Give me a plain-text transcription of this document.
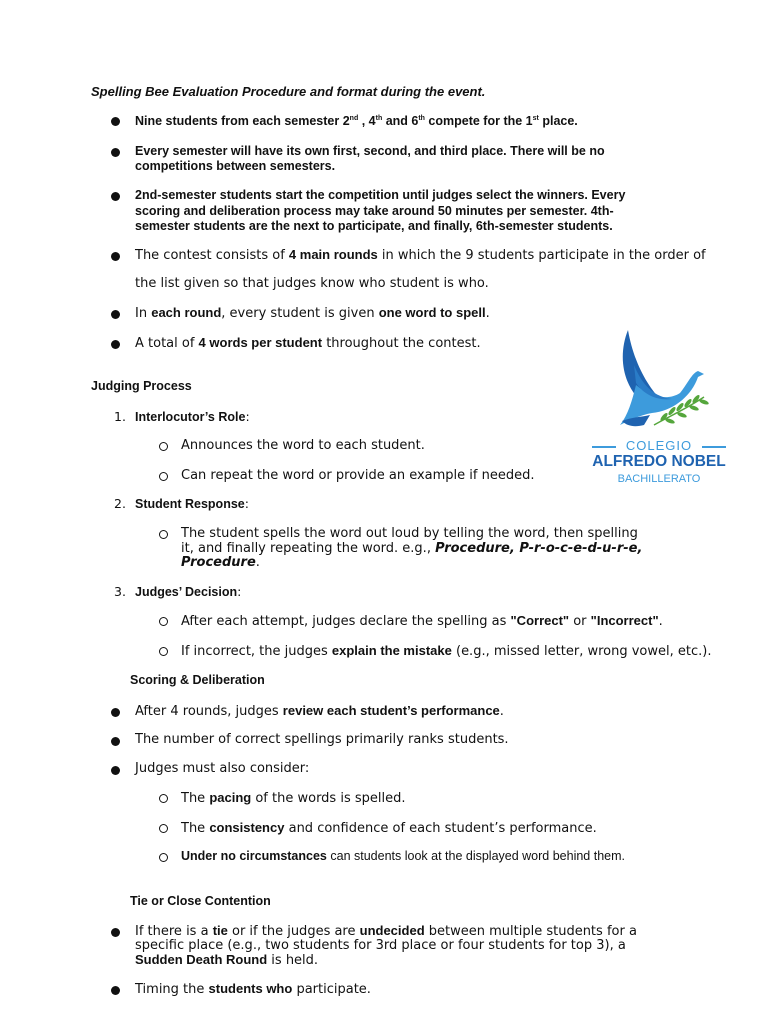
Spelling Bee Evaluation Procedure and format during the event.
Nine students from each semester 2nd , 4th and 6th compete for the 1st place.
Every semester will have its own first, second, and third place. There will be no
competitions between semesters.
2nd-semester students start the competition until judges select the winners. Every
scoring and deliberation process may take around 50 minutes per semester. 4th-
semester students are the next to participate, and finally, 6th-semester students.
The contest consists of 4 main rounds in which the 9 students participate in the order of
the list given so that judges know who student is who.
In each round, every student is given one word to spell.
A total of 4 words per student throughout the contest.
COLEGIO
ALFREDO NOBEL
BACHILLERATO
Judging Process
1. Interlocutor’s Role:
Announces the word to each student.
Can repeat the word or provide an example if needed.
2. Student Response:
The student spells the word out loud by telling the word, then spelling
it, and finally repeating the word. e.g., Procedure, P-r-o-c-e-d-u-r-e,
Procedure.
3. Judges’ Decision:
After each attempt, judges declare the spelling as "Correct" or "Incorrect".
If incorrect, the judges explain the mistake (e.g., missed letter, wrong vowel, etc.).
Scoring & Deliberation
After 4 rounds, judges review each student’s performance.
The number of correct spellings primarily ranks students.
Judges must also consider:
The pacing of the words is spelled.
The consistency and confidence of each student’s performance.
Under no circumstances can students look at the displayed word behind them.
Tie or Close Contention
If there is a tie or if the judges are undecided between multiple students for a
specific place (e.g., two students for 3rd place or four students for top 3), a
Sudden Death Round is held.
Timing the students who participate.
